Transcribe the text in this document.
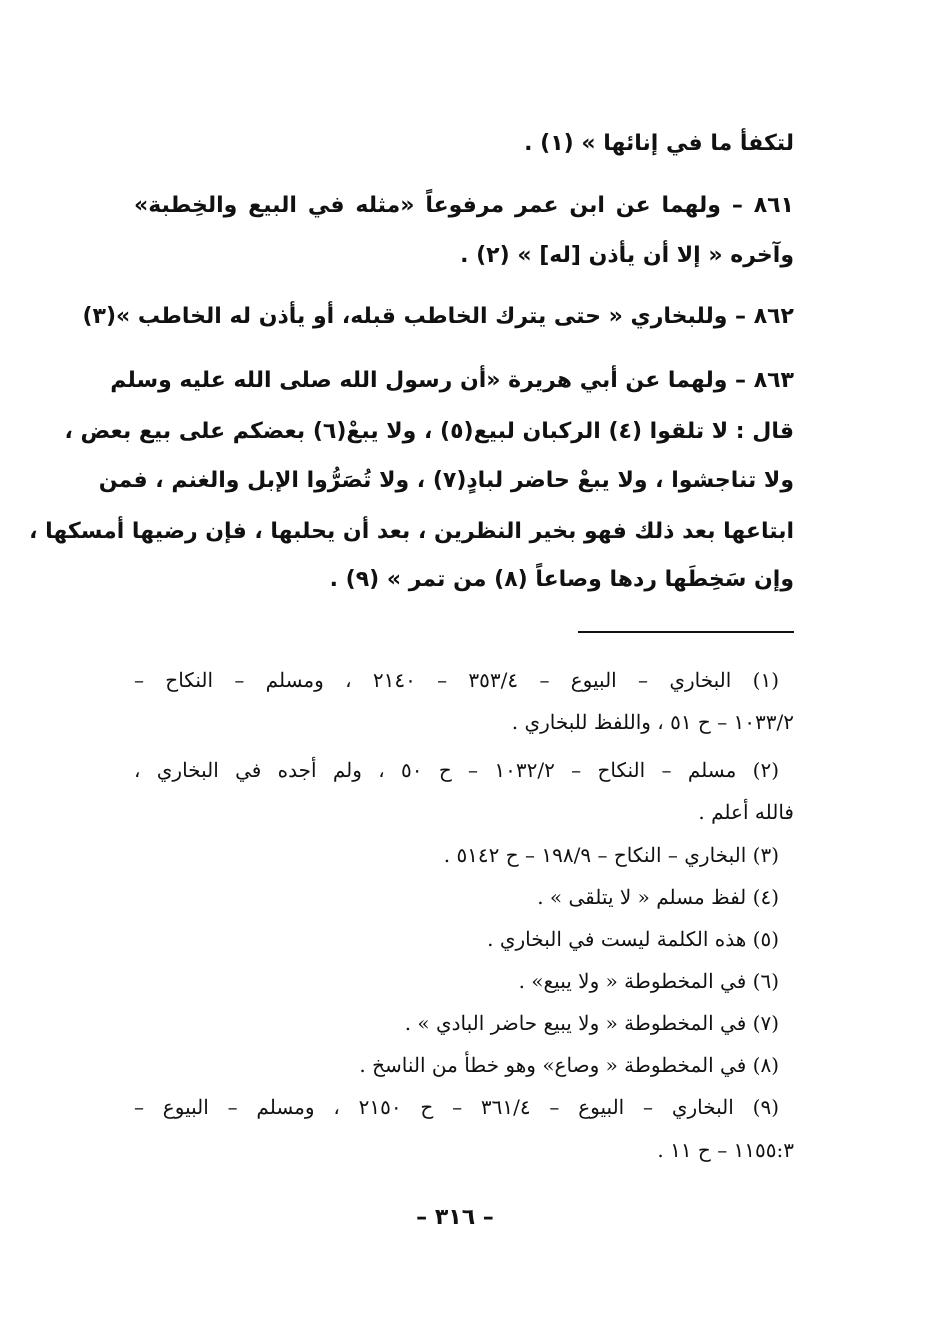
لتكفأ ما في إنائها » (١) .

٨٦١ – ولهما عن ابن عمر مرفوعاً «مثله في البيع والخِطبة»

وآخره « إلا أن يأذن [له] » (٢) .

٨٦٢ – وللبخاري « حتى يترك الخاطب قبله، أو يأذن له الخاطب »(٣)

٨٦٣ – ولهما عن أبي هريرة «أن رسول الله صلى الله عليه وسلم

قال : لا تلقوا (٤) الركبان لبيع(٥) ، ولا يبعْ(٦) بعضكم على بيع بعض ،

ولا تناجشوا ، ولا يبعْ حاضر لبادٍ(٧) ، ولا تُصَرُّوا الإبل والغنم ، فمن

ابتاعها بعد ذلك فهو بخير النظرين ، بعد أن يحلبها ، فإن رضيها أمسكها ،

وإن سَخِطَها ردها وصاعاً (٨) من تمر » (٩) .

(١) البخاري – البيوع – ٣٥٣/٤ – ٢١٤٠ ، ومسلم – النكاح –

١٠٣٣/٢ – ح ٥١ ، واللفظ للبخاري .

(٢) مسلم – النكاح – ١٠٣٢/٢ – ح ٥٠ ، ولم أجده في البخاري ،

فالله أعلم .

(٣) البخاري – النكاح – ١٩٨/٩ – ح ٥١٤٢ .

(٤) لفظ مسلم « لا يتلقى » .

(٥) هذه الكلمة ليست في البخاري .

(٦) في المخطوطة « ولا يبيع» .

(٧) في المخطوطة « ولا يبيع حاضر البادي » .

(٨) في المخطوطة « وصاع» وهو خطأ من الناسخ .

(٩) البخاري – البيوع – ٣٦١/٤ – ح ٢١٥٠ ، ومسلم – البيوع –

١١٥٥:٣ – ح ١١ .

– ٣١٦ –
